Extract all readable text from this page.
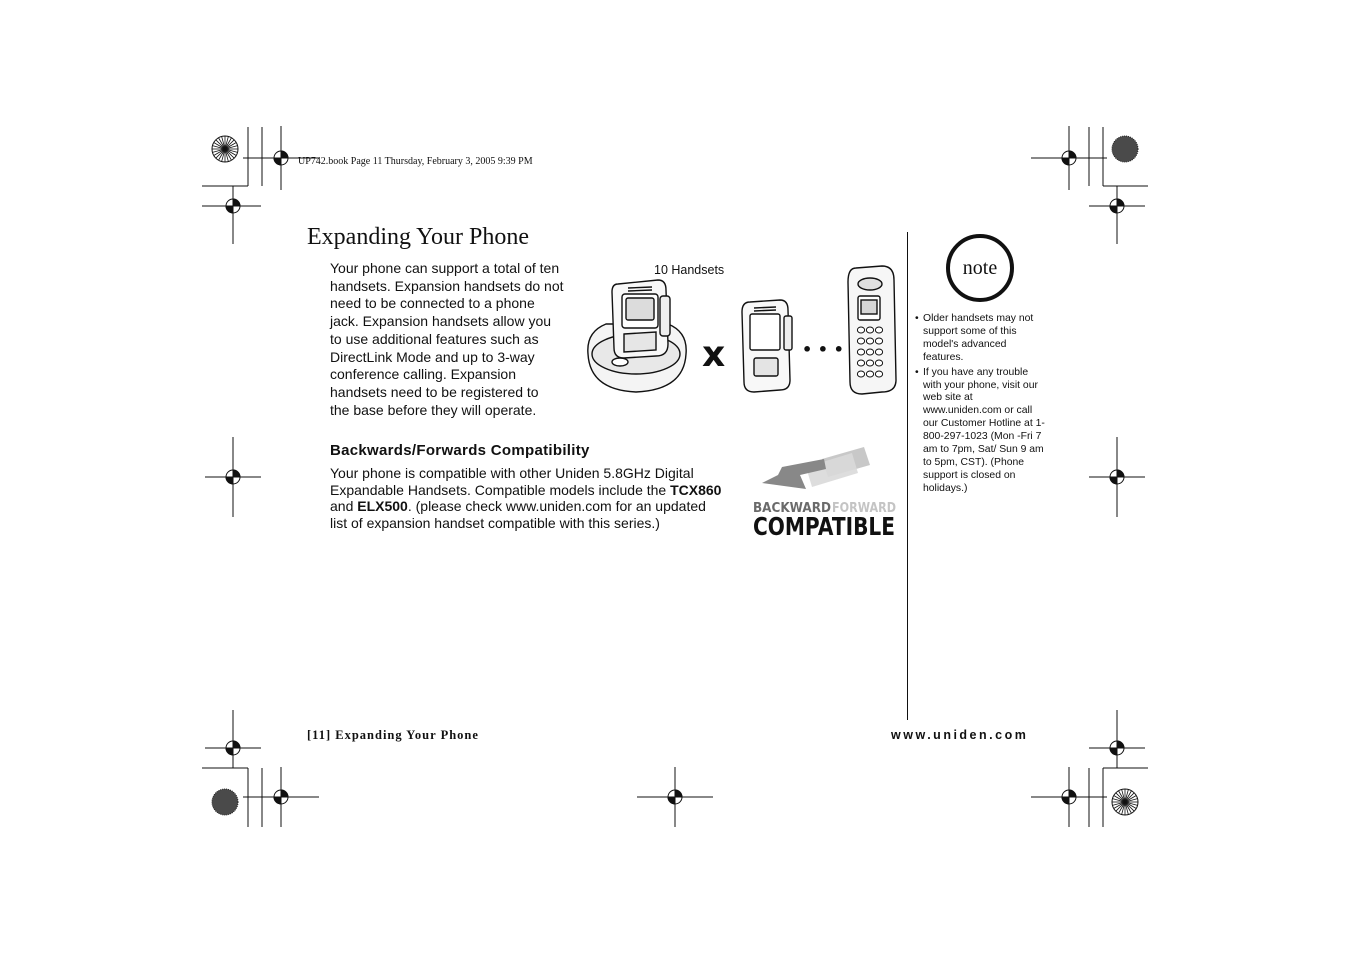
UP742.book Page 11 Thursday, February 3, 2005 9:39 PM
Expanding Your Phone
Your phone can support a total of ten
handsets. Expansion handsets do not
need to be connected to a phone
jack. Expansion handsets allow you
to use additional features such as
DirectLink Mode and up to 3-way
conference calling. Expansion
handsets need to be registered to
the base before they will operate.
10 Handsets
x	• • •
Backwards/Forwards Compatibility
Your phone is compatible with other Uniden 5.8GHz Digital
Expandable Handsets. Compatible models include the TCX860
and ELX500. (please check www.uniden.com for an updated
list of expansion handset compatible with this series.)
BACKWARD FORWARD
COMPATIBLE
note
• Older handsets may not support some of this model's advanced features.
• If you have any trouble with your phone, visit our web site at www.uniden.com or call our Customer Hotline at 1- 800-297-1023 (Mon -Fri 7 am to 7pm, Sat/ Sun 9 am to 5pm, CST). (Phone support is closed on holidays.)
[11] Expanding Your Phone	www.uniden.com
